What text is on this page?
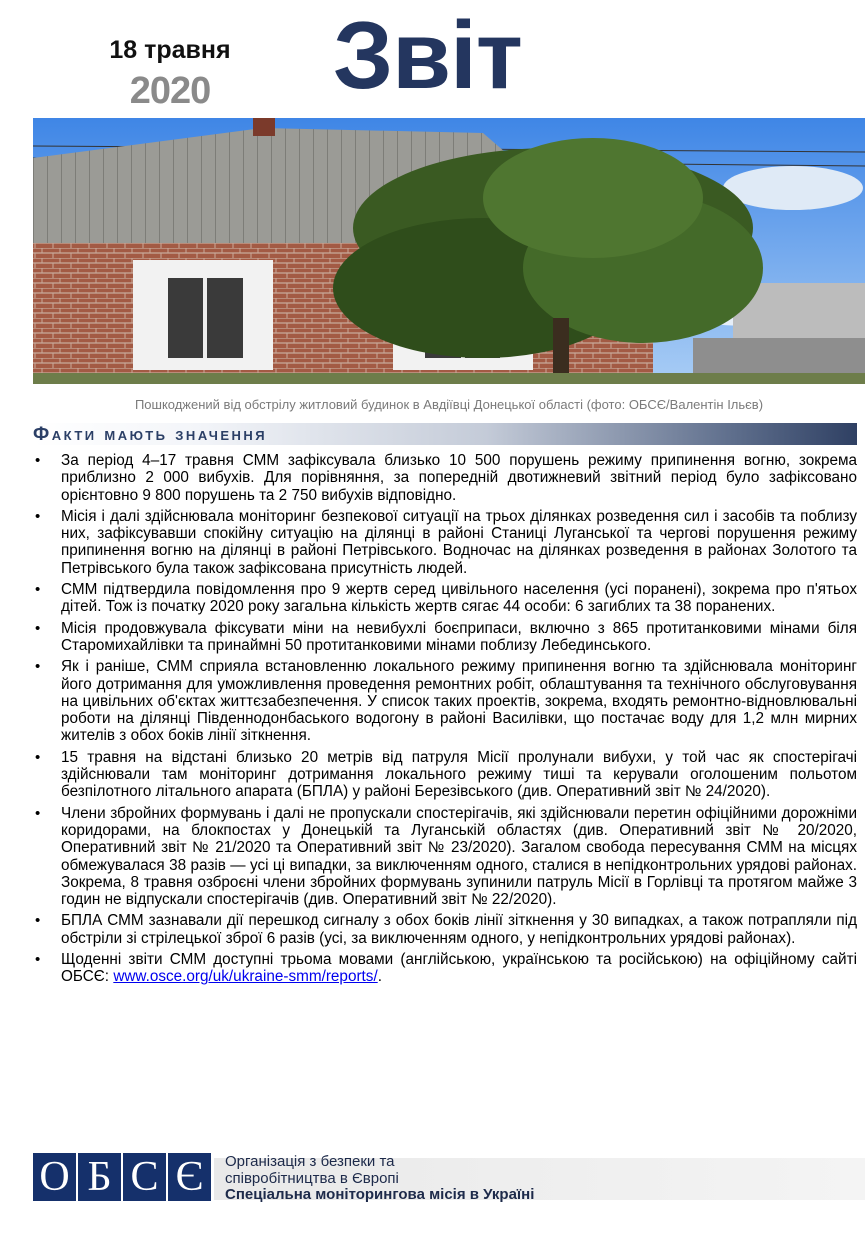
18 травня
2020	Звіт
Пошкоджений від обстрілу житловий будинок в Авдіївці Донецької області (фото: ОБСЄ/Валентін Ільєв)
Факти мають значення
• За період 4–17 травня СММ зафіксувала близько 10 500 порушень режиму припинення вогню, зокрема приблизно 2 000 вибухів. Для порівняння, за попередній двотижневий звітний період було зафіксовано орієнтовно 9 800 порушень та 2 750 вибухів відповідно.
• Місія і далі здійснювала моніторинг безпекової ситуації на трьох ділянках розведення сил і засобів та поблизу них, зафіксувавши спокійну ситуацію на ділянці в районі Станиці Луганської та чергові порушення режиму припинення вогню на ділянці в районі Петрівського. Водночас на ділянках розведення в районах Золотого та Петрівського була також зафіксована присутність людей.
• СММ підтвердила повідомлення про 9 жертв серед цивільного населення (усі поранені), зокрема про п'ятьох дітей. Тож із початку 2020 року загальна кількість жертв сягає 44 особи: 6 загиблих та 38 поранених.
• Місія продовжувала фіксувати міни на невибухлі боєприпаси, включно з 865 протитанковими мінами біля Старомихайлівки та принаймні 50 протитанковими мінами поблизу Лебединського.
• Як і раніше, СММ сприяла встановленню локального режиму припинення вогню та здійснювала моніторинг його дотримання для уможливлення проведення ремонтних робіт, облаштування та технічного обслуговування на цивільних об'єктах життєзабезпечення. У список таких проектів, зокрема, входять ремонтно-відновлювальні роботи на ділянці Південнодонбаського водогону в районі Василівки, що постачає воду для 1,2 млн мирних жителів з обох боків лінії зіткнення.
• 15 травня на відстані близько 20 метрів від патруля Місії пролунали вибухи, у той час як спостерігачі здійснювали там моніторинг дотримання локального режиму тиші та керували оголошеним польотом безпілотного літального апарата (БПЛА) у районі Березівського (див. Оперативний звіт № 24/2020).
• Члени збройних формувань і далі не пропускали спостерігачів, які здійснювали перетин офіційними дорожніми коридорами, на блокпостах у Донецькій та Луганській областях (див. Оперативний звіт № 20/2020, Оперативний звіт № 21/2020 та Оперативний звіт № 23/2020). Загалом свобода пересування СММ на місцях обмежувалася 38 разів — усі ці випадки, за виключенням одного, сталися в непідконтрольних урядові районах. Зокрема, 8 травня озброєні члени збройних формувань зупинили патруль Місії в Горлівці та протягом майже 3 годин не відпускали спостерігачів (див. Оперативний звіт № 22/2020).
• БПЛА СММ зазнавали дії перешкод сигналу з обох боків лінії зіткнення у 30 випадках, а також потрапляли під обстріли зі стрілецької зброї 6 разів (усі, за виключенням одного, у непідконтрольних урядові районах).
• Щоденні звіти СММ доступні трьома мовами (англійською, українською та російською) на офіційному сайті ОБСЄ: www.osce.org/uk/ukraine-smm/reports/.
О Б С Є	Організація з безпеки та
співробітництва в Європі
Спеціальна моніторингова місія в Україні
